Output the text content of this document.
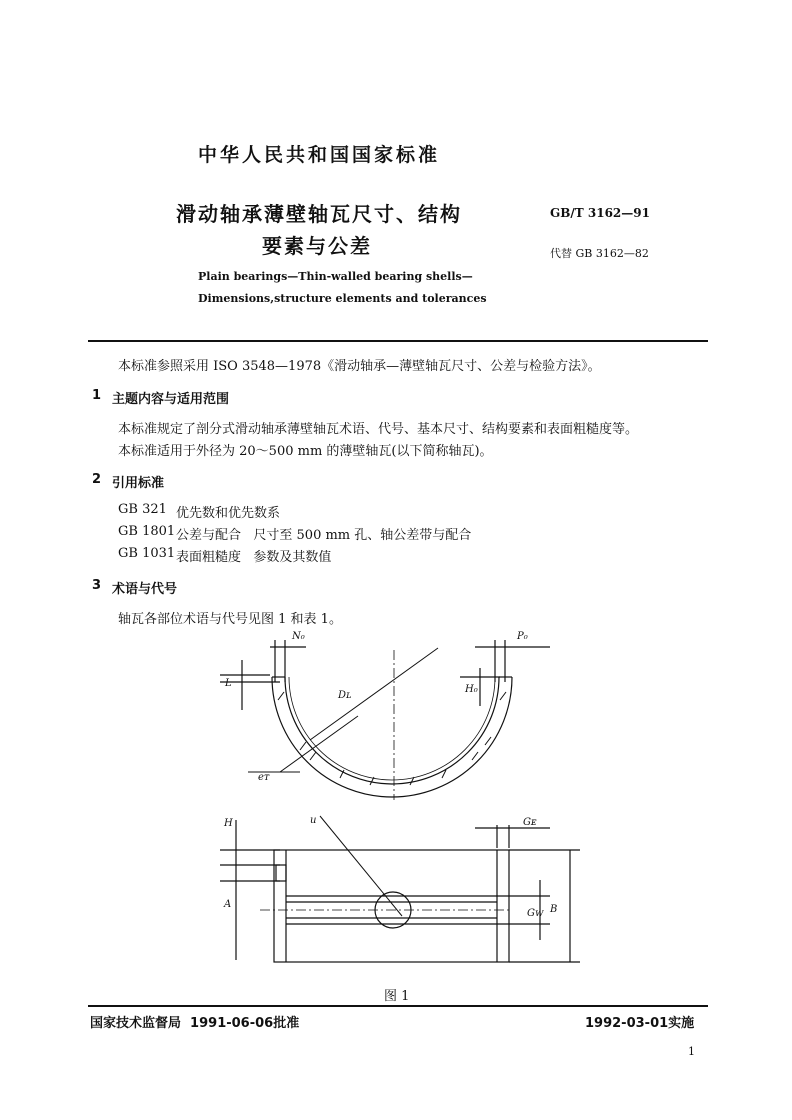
中华人民共和国国家标准
滑动轴承薄壁轴瓦尺寸、结构
要素与公差
Plain bearings—Thin-walled bearing shells—
Dimensions,structure elements and tolerances
GB/T 3162—91
代替 GB 3162—82
本标准参照采用 ISO 3548—1978《滑动轴承—薄壁轴瓦尺寸、公差与检验方法》。
1 主题内容与适用范围
本标准规定了剖分式滑动轴承薄壁轴瓦术语、代号、基本尺寸、结构要素和表面粗糙度等。
本标准适用于外径为 20～500 mm 的薄壁轴瓦(以下简称轴瓦)。
2 引用标准
GB 321 优先数和优先数系
GB 1801 公差与配合   尺寸至 500 mm 孔、轴公差带与配合
GB 1031 表面粗糙度   参数及其数值
3 术语与代号
轴瓦各部位术语与代号见图 1 和表 1。
N₀	P₀
L
Dʟ
H₀
eᴛ
H	u	Gᴇ
A
Gᴡ B
图 1
国家技术监督局  1991-06-06批准	1992-03-01实施
1
